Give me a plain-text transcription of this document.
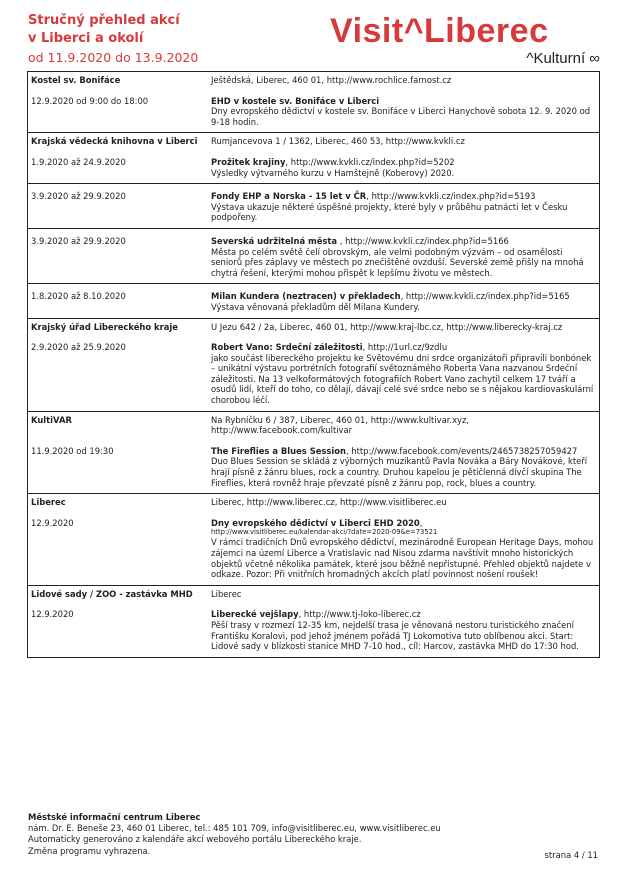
Stručný přehled akcí
v Liberci a okolí
od 11.9.2020 do 13.9.2020
Visit^Liberec
^Kulturní ∞
Kostel sv. Bonifáce	Ještědská, Liberec, 460 01, http://www.rochlice.farnost.cz
12.9.2020 od 9:00 do 18:00	EHD v kostele sv. Bonifáce v Liberci
Dny evropského dědictví v kostele sv. Bonifáce v Liberci Hanychově sobota 12. 9. 2020 od 9-18 hodin.
Krajská vědecká knihovna v Liberci	Rumjancevova 1 / 1362, Liberec, 460 53, http://www.kvkli.cz
1.9.2020 až 24.9.2020	Prožitek krajiny, http://www.kvkli.cz/index.php?id=5202
Výsledky výtvarného kurzu v Hamštejně (Koberovy) 2020.
3.9.2020 až 29.9.2020	Fondy EHP a Norska - 15 let v ČR, http://www.kvkli.cz/index.php?id=5193
Výstava ukazuje některé úspěšné projekty, které byly v průběhu patnácti let v Česku podpořeny.
3.9.2020 až 29.9.2020	Severská udržitelná města , http://www.kvkli.cz/index.php?id=5166
Města po celém světě čelí obrovským, ale velmi podobným výzvám – od osamělosti seniorů přes záplavy ve městech po znečištěné ovzduší. Severské země přišly na mnohá chytrá řešení, kterými mohou přispět k lepšímu životu ve městech.
1.8.2020 až 8.10.2020	Milan Kundera (neztracen) v překladech, http://www.kvkli.cz/index.php?id=5165
Výstava věnovaná překladům děl Milana Kundery.
Krajský úřad Libereckého kraje	U Jezu 642 / 2a, Liberec, 460 01, http://www.kraj-lbc.cz, http://www.liberecky-kraj.cz
2.9.2020 až 25.9.2020	Robert Vano: Srdeční záležitosti, http://1url.cz/9zdlu
jako součást libereckého projektu ke Světovému dni srdce organizátoři připravili bonbónek – unikátní výstavu portrétních fotografií světoznámého Roberta Vana nazvanou Srdeční záležitosti. Na 13 velkoformátových fotografiích Robert Vano zachytil celkem 17 tváří a osudů lidí, kteří do toho, co dělají, dávají celé své srdce nebo se s nějakou kardiovaskulární chorobou léčí.
KultiVAR	Na Rybníčku 6 / 387, Liberec, 460 01, http://www.kultivar.xyz, http://www.facebook.com/kultivar
11.9.2020 od 19:30	The Fireflies a Blues Session, http://www.facebook.com/events/2465738257059427
Duo Blues Session se skládá z výborných muzikantů Pavla Nováka a Báry Novákové, kteří hrají písně z žánru blues, rock a country. Druhou kapelou je pětičlenná dívčí skupina The Fireflies, která rovněž hraje převzaté písně z žánru pop, rock, blues a country.
Liberec	Liberec, http://www.liberec.cz, http://www.visitliberec.eu
12.9.2020	Dny evropského dědictví v Liberci EHD 2020,
http://www.visitliberec.eu/kalendar-akci/?date=2020-09&e=73521
V rámci tradičních Dnů evropského dědictví, mezinárodně European Heritage Days, mohou zájemci na území Liberce a Vratislavic nad Nisou zdarma navštívit mnoho historických objektů včetně několika památek, které jsou běžně nepřístupné. Přehled objektů najdete v odkaze. Pozor: Při vnitřních hromadných akcích platí povinnost nošení roušek!
Lidové sady / ZOO - zastávka MHD	Liberec
12.9.2020	Liberecké vejšlapy, http://www.tj-loko-liberec.cz
Pěší trasy v rozmezí 12-35 km, nejdelší trasa je věnovaná nestoru turistického značení Františku Koralovi, pod jehož jménem pořádá TJ Lokomotiva tuto oblíbenou akci. Start: Lidové sady v blízkosti stanice MHD 7-10 hod., cíl: Harcov, zastávka MHD do 17:30 hod.
Městské informační centrum Liberec
nám. Dr. E. Beneše 23, 460 01 Liberec, tel.: 485 101 709, info@visitliberec.eu, www.visitliberec.eu
Automaticky generováno z kalendáře akcí webového portálu Libereckého kraje.
Změna programu vyhrazena.	strana 4 / 11
